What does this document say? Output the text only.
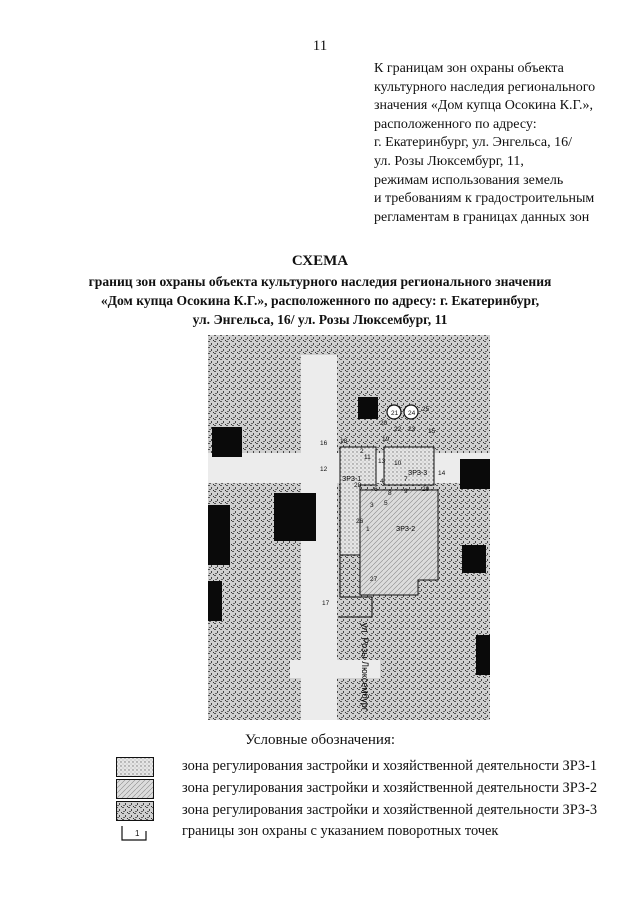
11
К границам зон охраны объекта
культурного наследия регионального
значения «Дом купца Осокина К.Г.»,
расположенного по адресу:
г. Екатеринбург, ул. Энгельса, 16/
ул. Розы Люксембург, 11,
режимам использования земель
и требованиям к градостроительным
регламентам в границах данных зон
СХЕМА
границ зон охраны объекта культурного наследия регионального значения
«Дом купца Осокина К.Г.», расположенного по адресу: г. Екатеринбург,
ул. Энгельса, 16/ ул. Розы Люксембург, 11
ЗРЗ-1
ЗРЗ-2
ЗРЗ-3
ул. Розы Люксембург
1
2
3
4
5
6
7
8 9
10
11
12
13
14
15
16
17
18	19
20
21
22 23
24
25
26
27
28
29
Условные обозначения:
зона регулирования застройки и хозяйственной деятельности ЗРЗ-1
зона регулирования застройки и хозяйственной деятельности ЗРЗ-2
зона регулирования застройки и хозяйственной деятельности ЗРЗ-3
1	границы зон охраны с указанием поворотных точек
